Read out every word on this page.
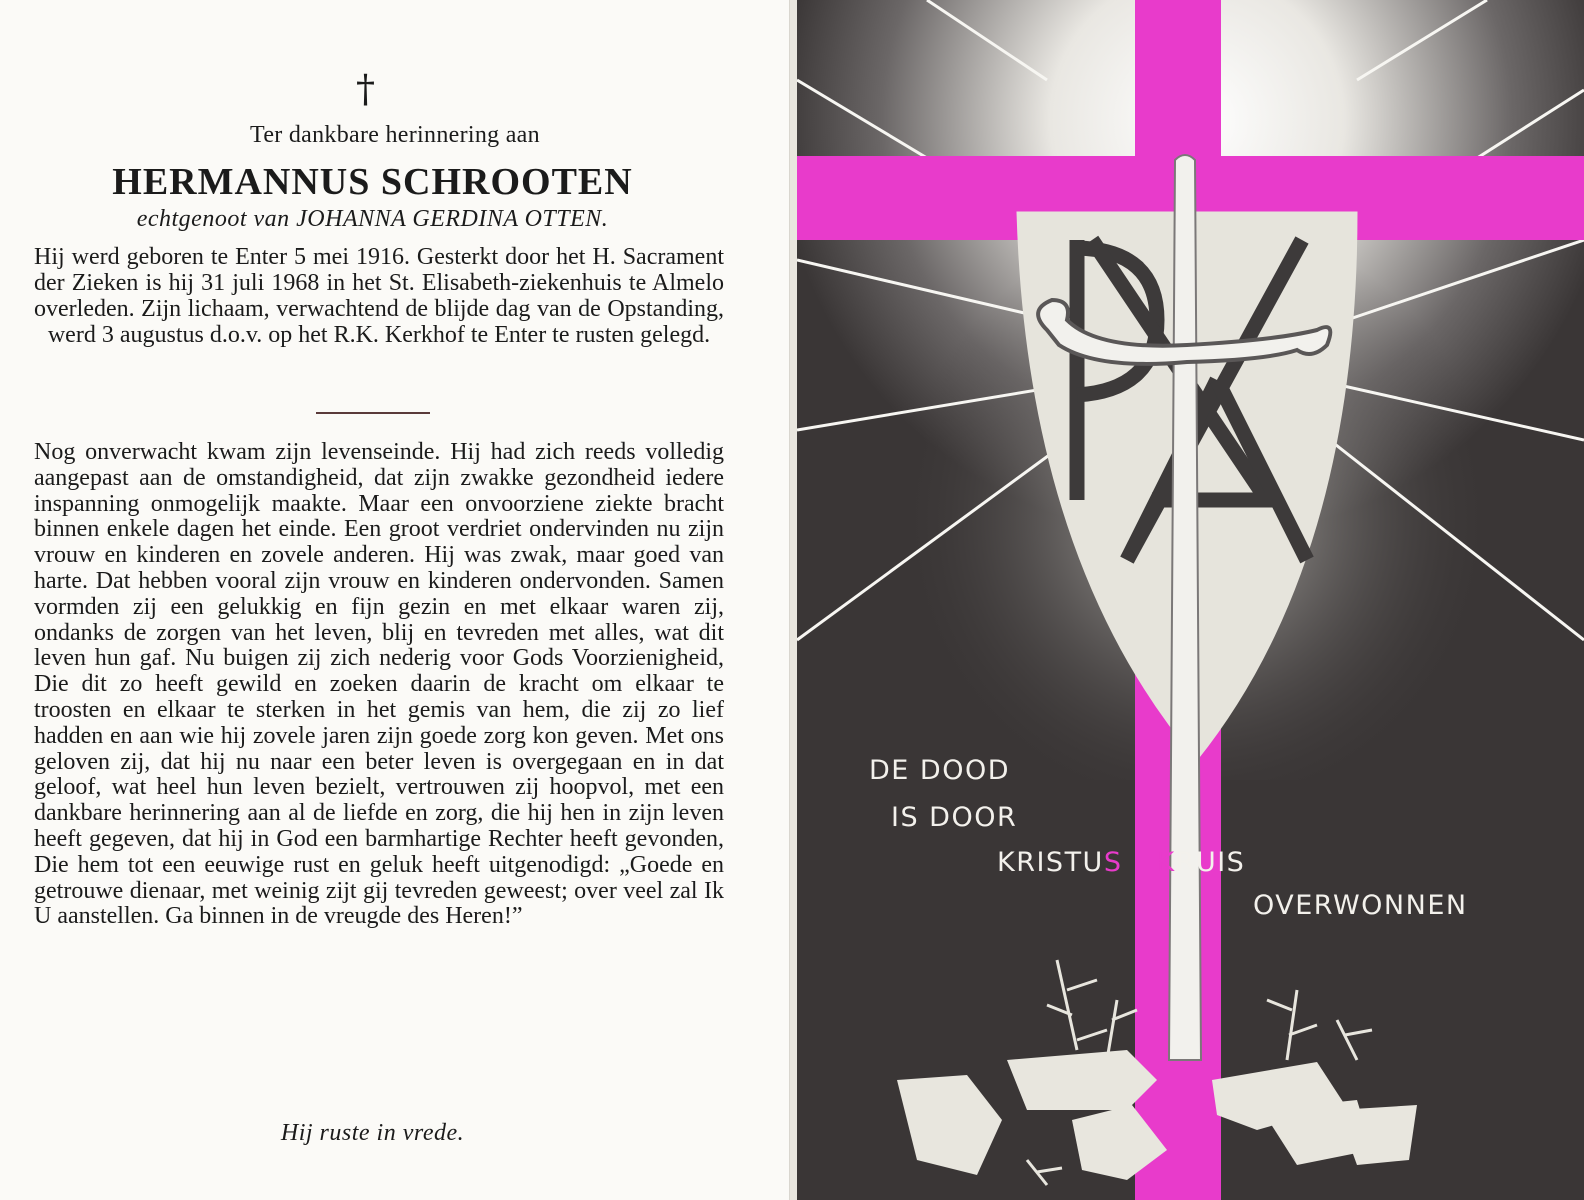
†
Ter dankbare herinnering aan
HERMANNUS SCHROOTEN
echtgenoot van JOHANNA GERDINA OTTEN.
Hij werd geboren te Enter 5 mei 1916. Gesterkt door het H. Sacrament der Zieken is hij 31 juli 1968 in het St. Elisabeth-ziekenhuis te Almelo overleden. Zijn lichaam, verwachtend de blijde dag van de Opstanding, werd 3 augustus d.o.v. op het R.K. Kerkhof te Enter te rusten gelegd.
Nog onverwacht kwam zijn levenseinde. Hij had zich reeds volledig aangepast aan de omstandigheid, dat zijn zwakke gezondheid iedere inspanning onmogelijk maakte. Maar een onvoorziene ziekte bracht binnen enkele dagen het einde. Een groot verdriet ondervinden nu zijn vrouw en kinderen en zovele anderen. Hij was zwak, maar goed van harte. Dat hebben vooral zijn vrouw en kinderen ondervonden. Samen vormden zij een gelukkig en fijn gezin en met elkaar waren zij, ondanks de zorgen van het leven, blij en tevreden met alles, wat dit leven hun gaf. Nu buigen zij zich nederig voor Gods Voorzienigheid, Die dit zo heeft gewild en zoeken daarin de kracht om elkaar te troosten en elkaar te sterken in het gemis van hem, die zij zo lief hadden en aan wie hij zovele jaren zijn goede zorg kon geven. Met ons geloven zij, dat hij nu naar een beter leven is overgegaan en in dat geloof, wat heel hun leven bezielt, vertrouwen zij hoopvol, met een dankbare herinnering aan al de liefde en zorg, die hij hen in zijn leven heeft gegeven, dat hij in God een barmhartige Rechter heeft gevonden, Die hem tot een eeuwige rust en geluk heeft uitgenodigd: „Goede en getrouwe dienaar, met weinig zijt gij tevreden geweest; over veel zal Ik U aanstellen. Ga binnen in de vreugde des Heren!”
Hij ruste in vrede.
DE DOOD
IS DOOR
KRISTUS KRUIS
OVERWONNEN
